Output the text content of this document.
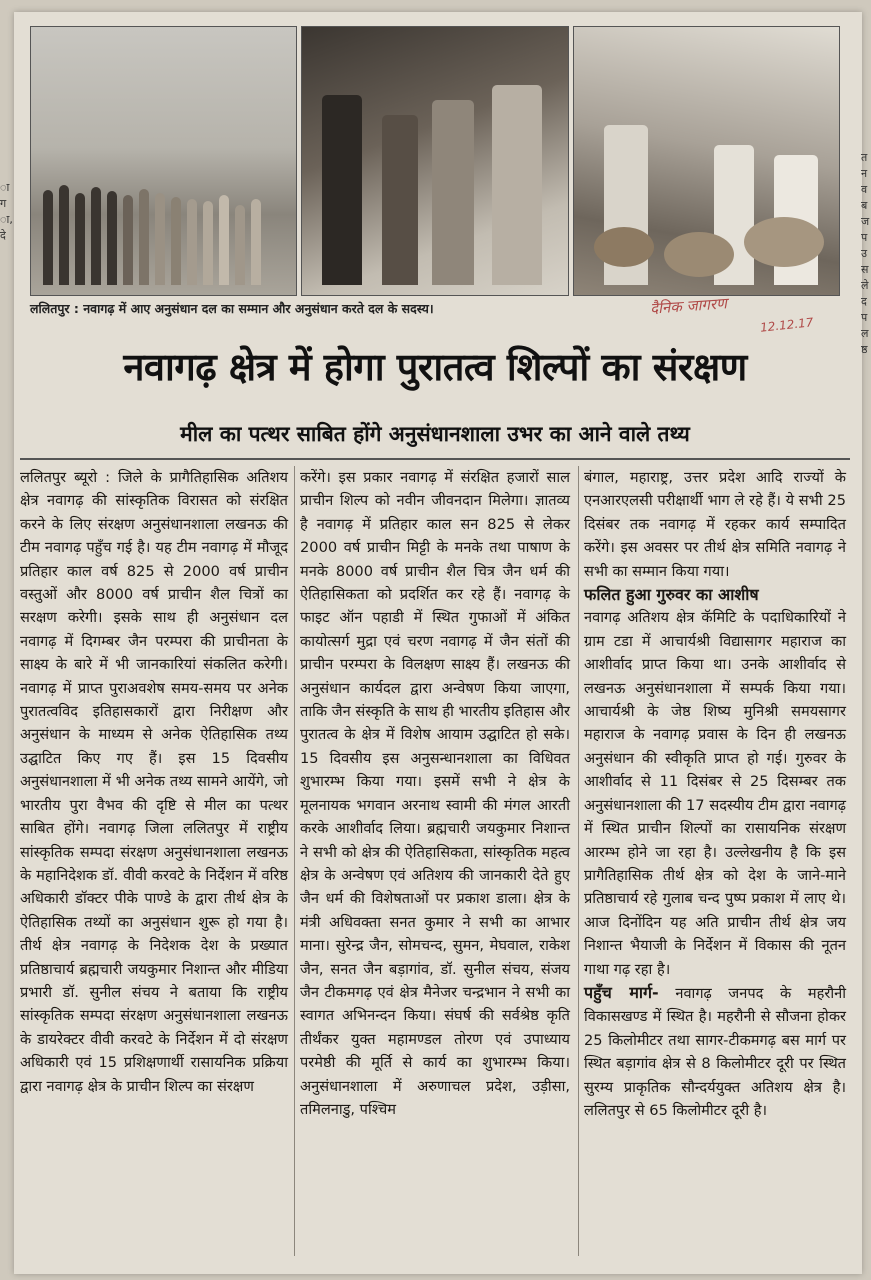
ा ग ा, दे
ललितपुर : नवागढ़ में आए अनुसंधान दल का सम्मान और अनुसंधान करते दल के सदस्य।	दैनिक जागरण
12.12.17
नवागढ़ क्षेत्र में होगा पुरातत्व शिल्पों का संरक्षण
मील का पत्थर साबित होंगे अनुसंधानशाला उभर का आने वाले तथ्य

ललितपुर ब्यूरो : जिले के प्रागैतिहासिक अतिशय क्षेत्र नवागढ़ की सांस्कृतिक विरासत को संरक्षित करने के लिए संरक्षण अनुसंधानशाला लखनऊ की टीम नवागढ़ पहुँच गई है। यह टीम नवागढ़ में मौजूद प्रतिहार काल वर्ष 825 से 2000 वर्ष प्राचीन वस्तुओं और 8000 वर्ष प्राचीन शैल चित्रों का सरक्षण करेगी। इसके साथ ही अनुसंधान दल नवागढ़ में दिगम्बर जैन परम्परा की प्राचीनता के साक्ष्य के बारे में भी जानकारियां संकलित करेगी। नवागढ़ में प्राप्त पुराअवशेष समय-समय पर अनेक पुरातत्वविद इतिहासकारों द्वारा निरीक्षण और अनुसंधान के माध्यम से अनेक ऐतिहासिक तथ्य उद्घाटित किए गए हैं। इस 15 दिवसीय अनुसंधानशाला में भी अनेक तथ्य सामने आयेंगे, जो भारतीय पुरा वैभव की दृष्टि से मील का पत्थर साबित होंगे। नवागढ़ जिला ललितपुर में राष्ट्रीय सांस्कृतिक सम्पदा संरक्षण अनुसंधानशाला लखनऊ के महानिदेशक डॉ. वीवी करवटे के निर्देशन में वरिष्ठ अधिकारी डॉक्टर पीके पाण्डे के द्वारा तीर्थ क्षेत्र के ऐतिहासिक तथ्यों का अनुसंधान शुरू हो गया है। तीर्थ क्षेत्र नवागढ़ के निदेशक देश के प्रख्यात प्रतिष्ठाचार्य ब्रह्मचारी जयकुमार निशान्त और मीडिया प्रभारी डॉ. सुनील संचय ने बताया कि राष्ट्रीय सांस्कृतिक सम्पदा संरक्षण अनुसंधानशाला लखनऊ के डायरेक्टर वीवी करवटे के निर्देशन में दो संरक्षण अधिकारी एवं 15 प्रशिक्षणार्थी रासायनिक प्रक्रिया द्वारा नवागढ़ क्षेत्र के प्राचीन शिल्प का संरक्षण

करेंगे। इस प्रकार नवागढ़ में संरक्षित हजारों साल प्राचीन शिल्प को नवीन जीवनदान मिलेगा। ज्ञातव्य है नवागढ़ में प्रतिहार काल सन 825 से लेकर 2000 वर्ष प्राचीन मिट्टी के मनके तथा पाषाण के मनके 8000 वर्ष प्राचीन शैल चित्र जैन धर्म की ऐतिहासिकता को प्रदर्शित कर रहे हैं। नवागढ़ के फाइट ऑन पहाडी में स्थित गुफाओं में अंकित कायोत्सर्ग मुद्रा एवं चरण नवागढ़ में जैन संतों की प्राचीन परम्परा के विलक्षण साक्ष्य हैं। लखनऊ की अनुसंधान कार्यदल द्वारा अन्वेषण किया जाएगा, ताकि जैन संस्कृति के साथ ही भारतीय इतिहास और पुरातत्व के क्षेत्र में विशेष आयाम उद्घाटित हो सके। 15 दिवसीय इस अनुसन्धानशाला का विधिवत शुभारम्भ किया गया। इसमें सभी ने क्षेत्र के मूलनायक भगवान अरनाथ स्वामी की मंगल आरती करके आशीर्वाद लिया। ब्रह्मचारी जयकुमार निशान्त ने सभी को क्षेत्र की ऐतिहासिकता, सांस्कृतिक महत्व क्षेत्र के अन्वेषण एवं अतिशय की जानकारी देते हुए जैन धर्म की विशेषताओं पर प्रकाश डाला। क्षेत्र के मंत्री अधिवक्ता सनत कुमार ने सभी का आभार माना। सुरेन्द्र जैन, सोमचन्द, सुमन, मेघवाल, राकेश जैन, सनत जैन बड़ागांव, डॉ. सुनील संचय, संजय जैन टीकमगढ़ एवं क्षेत्र मैनेजर चन्द्रभान ने सभी का स्वागत अभिनन्दन किया। संघर्ष की सर्वश्रेष्ठ कृति तीर्थंकर युक्त महामण्डल तोरण एवं उपाध्याय परमेष्ठी की मूर्ति से कार्य का शुभारम्भ किया। अनुसंधानशाला में अरुणाचल प्रदेश, उड़ीसा, तमिलनाडु, पश्चिम

बंगाल, महाराष्ट्र, उत्तर प्रदेश आदि राज्यों के एनआरएलसी परीक्षार्थी भाग ले रहे हैं। ये सभी 25 दिसंबर तक नवागढ़ में रहकर कार्य सम्पादित करेंगे। इस अवसर पर तीर्थ क्षेत्र समिति नवागढ़ ने सभी का सम्मान किया गया।

फलित हुआ गुरुवर का आशीष

नवागढ़ अतिशय क्षेत्र कॅमिटि के पदाधिकारियों ने ग्राम टडा में आचार्यश्री विद्यासागर महाराज का आशीर्वाद प्राप्त किया था। उनके आशीर्वाद से लखनऊ अनुसंधानशाला में सम्पर्क किया गया। आचार्यश्री के जेष्ठ शिष्य मुनिश्री समयसागर महाराज के नवागढ़ प्रवास के दिन ही लखनऊ अनुसंधान की स्वीकृति प्राप्त हो गई। गुरुवर के आशीर्वाद से 11 दिसंबर से 25 दिसम्बर तक अनुसंधानशाला की 17 सदस्यीय टीम द्वारा नवागढ़ में स्थित प्राचीन शिल्पों का रासायनिक संरक्षण आरम्भ होने जा रहा है। उल्लेखनीय है कि इस प्रागैतिहासिक तीर्थ क्षेत्र को देश के जाने-माने प्रतिष्ठाचार्य रहे गुलाब चन्द पुष्प प्रकाश में लाए थे। आज दिनोंदिन यह अति प्राचीन तीर्थ क्षेत्र जय निशान्त भैयाजी के निर्देशन में विकास की नूतन गाथा गढ़ रहा है।

पहुँच मार्ग- नवागढ़ जनपद के महरौनी विकासखण्ड में स्थित है। महरौनी से सौजना होकर 25 किलोमीटर तथा सागर-टीकमगढ़ बस मार्ग पर स्थित बड़ागांव क्षेत्र से 8 किलोमीटर दूरी पर स्थित सुरम्य प्राकृतिक सौन्दर्ययुक्त अतिशय क्षेत्र है। ललितपुर से 65 किलोमीटर दूरी है।

त न व ब ज प उ स ले द प ल ष्ठ
